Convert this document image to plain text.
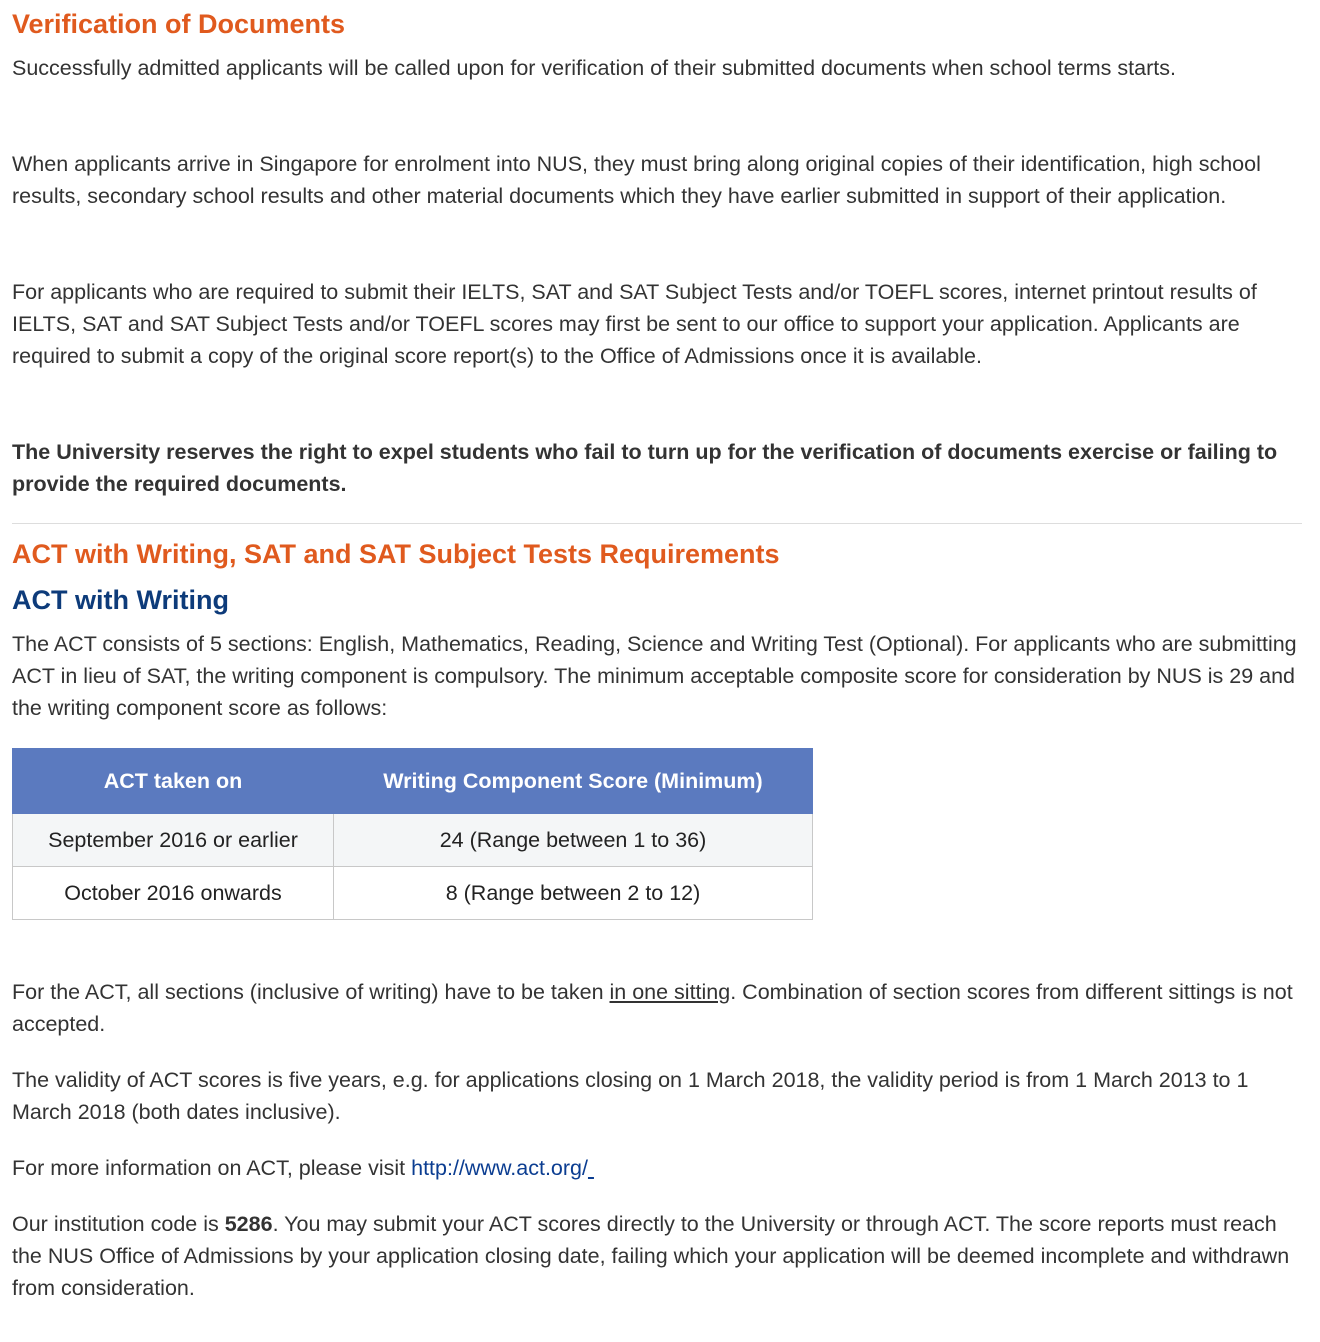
Verification of Documents

Successfully admitted applicants will be called upon for verification of their submitted documents when school terms starts.

When applicants arrive in Singapore for enrolment into NUS, they must bring along original copies of their identification, high school results, secondary school results and other material documents which they have earlier submitted in support of their application.

For applicants who are required to submit their IELTS, SAT and SAT Subject Tests and/or TOEFL scores, internet printout results of IELTS, SAT and SAT Subject Tests and/or TOEFL scores may first be sent to our office to support your application. Applicants are required to submit a copy of the original score report(s) to the Office of Admissions once it is available.

The University reserves the right to expel students who fail to turn up for the verification of documents exercise or failing to provide the required documents.

ACT with Writing, SAT and SAT Subject Tests Requirements
ACT with Writing

The ACT consists of 5 sections: English, Mathematics, Reading, Science and Writing Test (Optional). For applicants who are submitting ACT in lieu of SAT, the writing component is compulsory. The minimum acceptable composite score for consideration by NUS is 29 and the writing component score as follows:

ACT taken on	Writing Component Score (Minimum)
September 2016 or earlier	24 (Range between 1 to 36)
October 2016 onwards	8 (Range between 2 to 12)

For the ACT, all sections (inclusive of writing) have to be taken in one sitting. Combination of section scores from different sittings is not accepted.

The validity of ACT scores is five years, e.g. for applications closing on 1 March 2018, the validity period is from 1 March 2013 to 1 March 2018 (both dates inclusive).

For more information on ACT, please visit http://www.act.org/

Our institution code is 5286. You may submit your ACT scores directly to the University or through ACT. The score reports must reach the NUS Office of Admissions by your application closing date, failing which your application will be deemed incomplete and withdrawn from consideration.
